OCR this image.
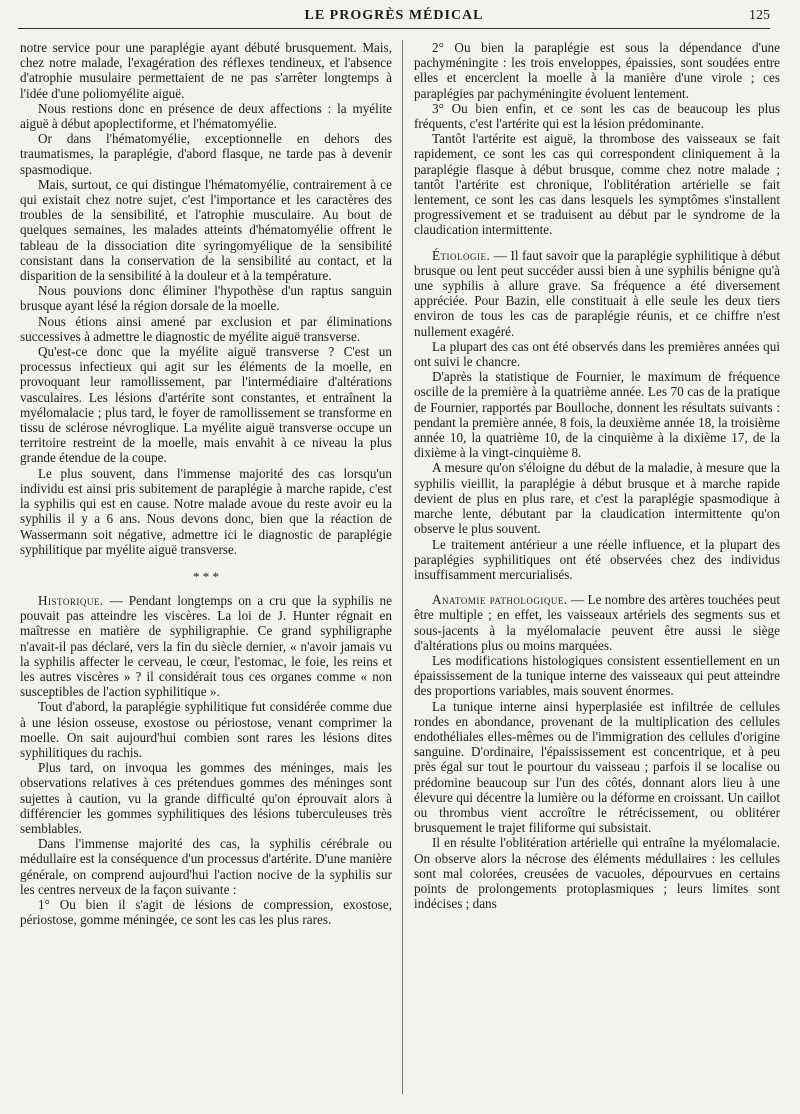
LE PROGRÈS MÉDICAL	125

notre service pour une paraplégie ayant débuté brusquement. Mais, chez notre malade, l'exagération des réflexes tendineux, et l'absence d'atrophie musulaire permettaient de ne pas s'arrêter longtemps à l'idée d'une poliomyélite aiguë.

Nous restions donc en présence de deux affections : la myélite aiguë à début apoplectiforme, et l'hématomyélie.

Or dans l'hématomyélie, exceptionnelle en dehors des traumatismes, la paraplégie, d'abord flasque, ne tarde pas à devenir spasmodique.

Mais, surtout, ce qui distingue l'hématomyélie, contrairement à ce qui existait chez notre sujet, c'est l'importance et les caractères des troubles de la sensibilité, et l'atrophie musculaire. Au bout de quelques semaines, les malades atteints d'hématomyélie offrent le tableau de la dissociation dite syringomyélique de la sensibilité consistant dans la conservation de la sensibilité au contact, et la disparition de la sensibilité à la douleur et à la température.

Nous pouvions donc éliminer l'hypothèse d'un raptus sanguin brusque ayant lésé la région dorsale de la moelle.

Nous étions ainsi amené par exclusion et par éliminations successives à admettre le diagnostic de myélite aiguë transverse.

Qu'est-ce donc que la myélite aiguë transverse ? C'est un processus infectieux qui agit sur les éléments de la moelle, en provoquant leur ramollissement, par l'intermédiaire d'altérations vasculaires. Les lésions d'artérite sont constantes, et entraînent la myélomalacie ; plus tard, le foyer de ramollissement se transforme en tissu de sclérose névroglique. La myélite aiguë transverse occupe un territoire restreint de la moelle, mais envahit à ce niveau la plus grande étendue de la coupe.

Le plus souvent, dans l'immense majorité des cas lorsqu'un individu est ainsi pris subitement de paraplégie à marche rapide, c'est la syphilis qui est en cause. Notre malade avoue du reste avoir eu la syphilis il y a 6 ans. Nous devons donc, bien que la réaction de Wassermann soit négative, admettre ici le diagnostic de paraplégie syphilitique par myélite aiguë transverse.

* * *

Historique. — Pendant longtemps on a cru que la syphilis ne pouvait pas atteindre les viscères. La loi de J. Hunter régnait en maîtresse en matière de syphiligraphie. Ce grand syphiligraphe n'avait-il pas déclaré, vers la fin du siècle dernier, « n'avoir jamais vu la syphilis affecter le cerveau, le cœur, l'estomac, le foie, les reins et les autres viscères » ? il considérait tous ces organes comme « non susceptibles de l'action syphilitique ».

Tout d'abord, la paraplégie syphilitique fut considérée comme due à une lésion osseuse, exostose ou périostose, venant comprimer la moelle. On sait aujourd'hui combien sont rares les lésions dites syphilitiques du rachis.

Plus tard, on invoqua les gommes des méninges, mais les observations relatives à ces prétendues gommes des méninges sont sujettes à caution, vu la grande difficulté qu'on éprouvait alors à différencier les gommes syphilitiques des lésions tuberculeuses très semblables.

Dans l'immense majorité des cas, la syphilis cérébrale ou médullaire est la conséquence d'un processus d'artérite. D'une manière générale, on comprend aujourd'hui l'action nocive de la syphilis sur les centres nerveux de la façon suivante :

1° Ou bien il s'agit de lésions de compression, exostose, périostose, gomme méningée, ce sont les cas les plus rares.

2° Ou bien la paraplégie est sous la dépendance d'une pachyméningite : les trois enveloppes, épaissies, sont soudées entre elles et encerclent la moelle à la manière d'une virole ; ces paraplégies par pachyméningite évoluent lentement.

3° Ou bien enfin, et ce sont les cas de beaucoup les plus fréquents, c'est l'artérite qui est la lésion prédominante.

Tantôt l'artérite est aiguë, la thrombose des vaisseaux se fait rapidement, ce sont les cas qui correspondent cliniquement à la paraplégie flasque à début brusque, comme chez notre malade ; tantôt l'artérite est chronique, l'oblitération artérielle se fait lentement, ce sont les cas dans lesquels les symptômes s'installent progressivement et se traduisent au début par le syndrome de la claudication intermittente.

Étiologie. — Il faut savoir que la paraplégie syphilitique à début brusque ou lent peut succéder aussi bien à une syphilis bénigne qu'à une syphilis à allure grave. Sa fréquence a été diversement appréciée. Pour Bazin, elle constituait à elle seule les deux tiers environ de tous les cas de paraplégie réunis, et ce chiffre n'est nullement exagéré.

La plupart des cas ont été observés dans les premières années qui ont suivi le chancre.

D'après la statistique de Fournier, le maximum de fréquence oscille de la première à la quatrième année. Les 70 cas de la pratique de Fournier, rapportés par Boulloche, donnent les résultats suivants : pendant la première année, 8 fois, la deuxième année 18, la troisième année 10, la quatrième 10, de la cinquième à la dixième 17, de la dixième à la vingt-cinquième 8.

A mesure qu'on s'éloigne du début de la maladie, à mesure que la syphilis vieillit, la paraplégie à début brusque et à marche rapide devient de plus en plus rare, et c'est la paraplégie spasmodique à marche lente, débutant par la claudication intermittente qu'on observe le plus souvent.

Le traitement antérieur a une réelle influence, et la plupart des paraplégies syphilitiques ont été observées chez des individus insuffisamment mercurialisés.

Anatomie pathologique. — Le nombre des artères touchées peut être multiple ; en effet, les vaisseaux artériels des segments sus et sous-jacents à la myélomalacie peuvent être aussi le siège d'altérations plus ou moins marquées.

Les modifications histologiques consistent essentiellement en un épaississement de la tunique interne des vaisseaux qui peut atteindre des proportions variables, mais souvent énormes.

La tunique interne ainsi hyperplasiée est infiltrée de cellules rondes en abondance, provenant de la multiplication des cellules endothéliales elles-mêmes ou de l'immigration des cellules d'origine sanguine. D'ordinaire, l'épaississement est concentrique, et à peu près égal sur tout le pourtour du vaisseau ; parfois il se localise ou prédomine beaucoup sur l'un des côtés, donnant alors lieu à une élevure qui décentre la lumière ou la déforme en croissant. Un caillot ou thrombus vient accroître le rétrécissement, ou oblitérer brusquement le trajet filiforme qui subsistait.

Il en résulte l'oblitération artérielle qui entraîne la myélomalacie. On observe alors la nécrose des éléments médullaires : les cellules sont mal colorées, creusées de vacuoles, dépourvues en certains points de prolongements protoplasmiques ; leurs limites sont indécises ; dans
